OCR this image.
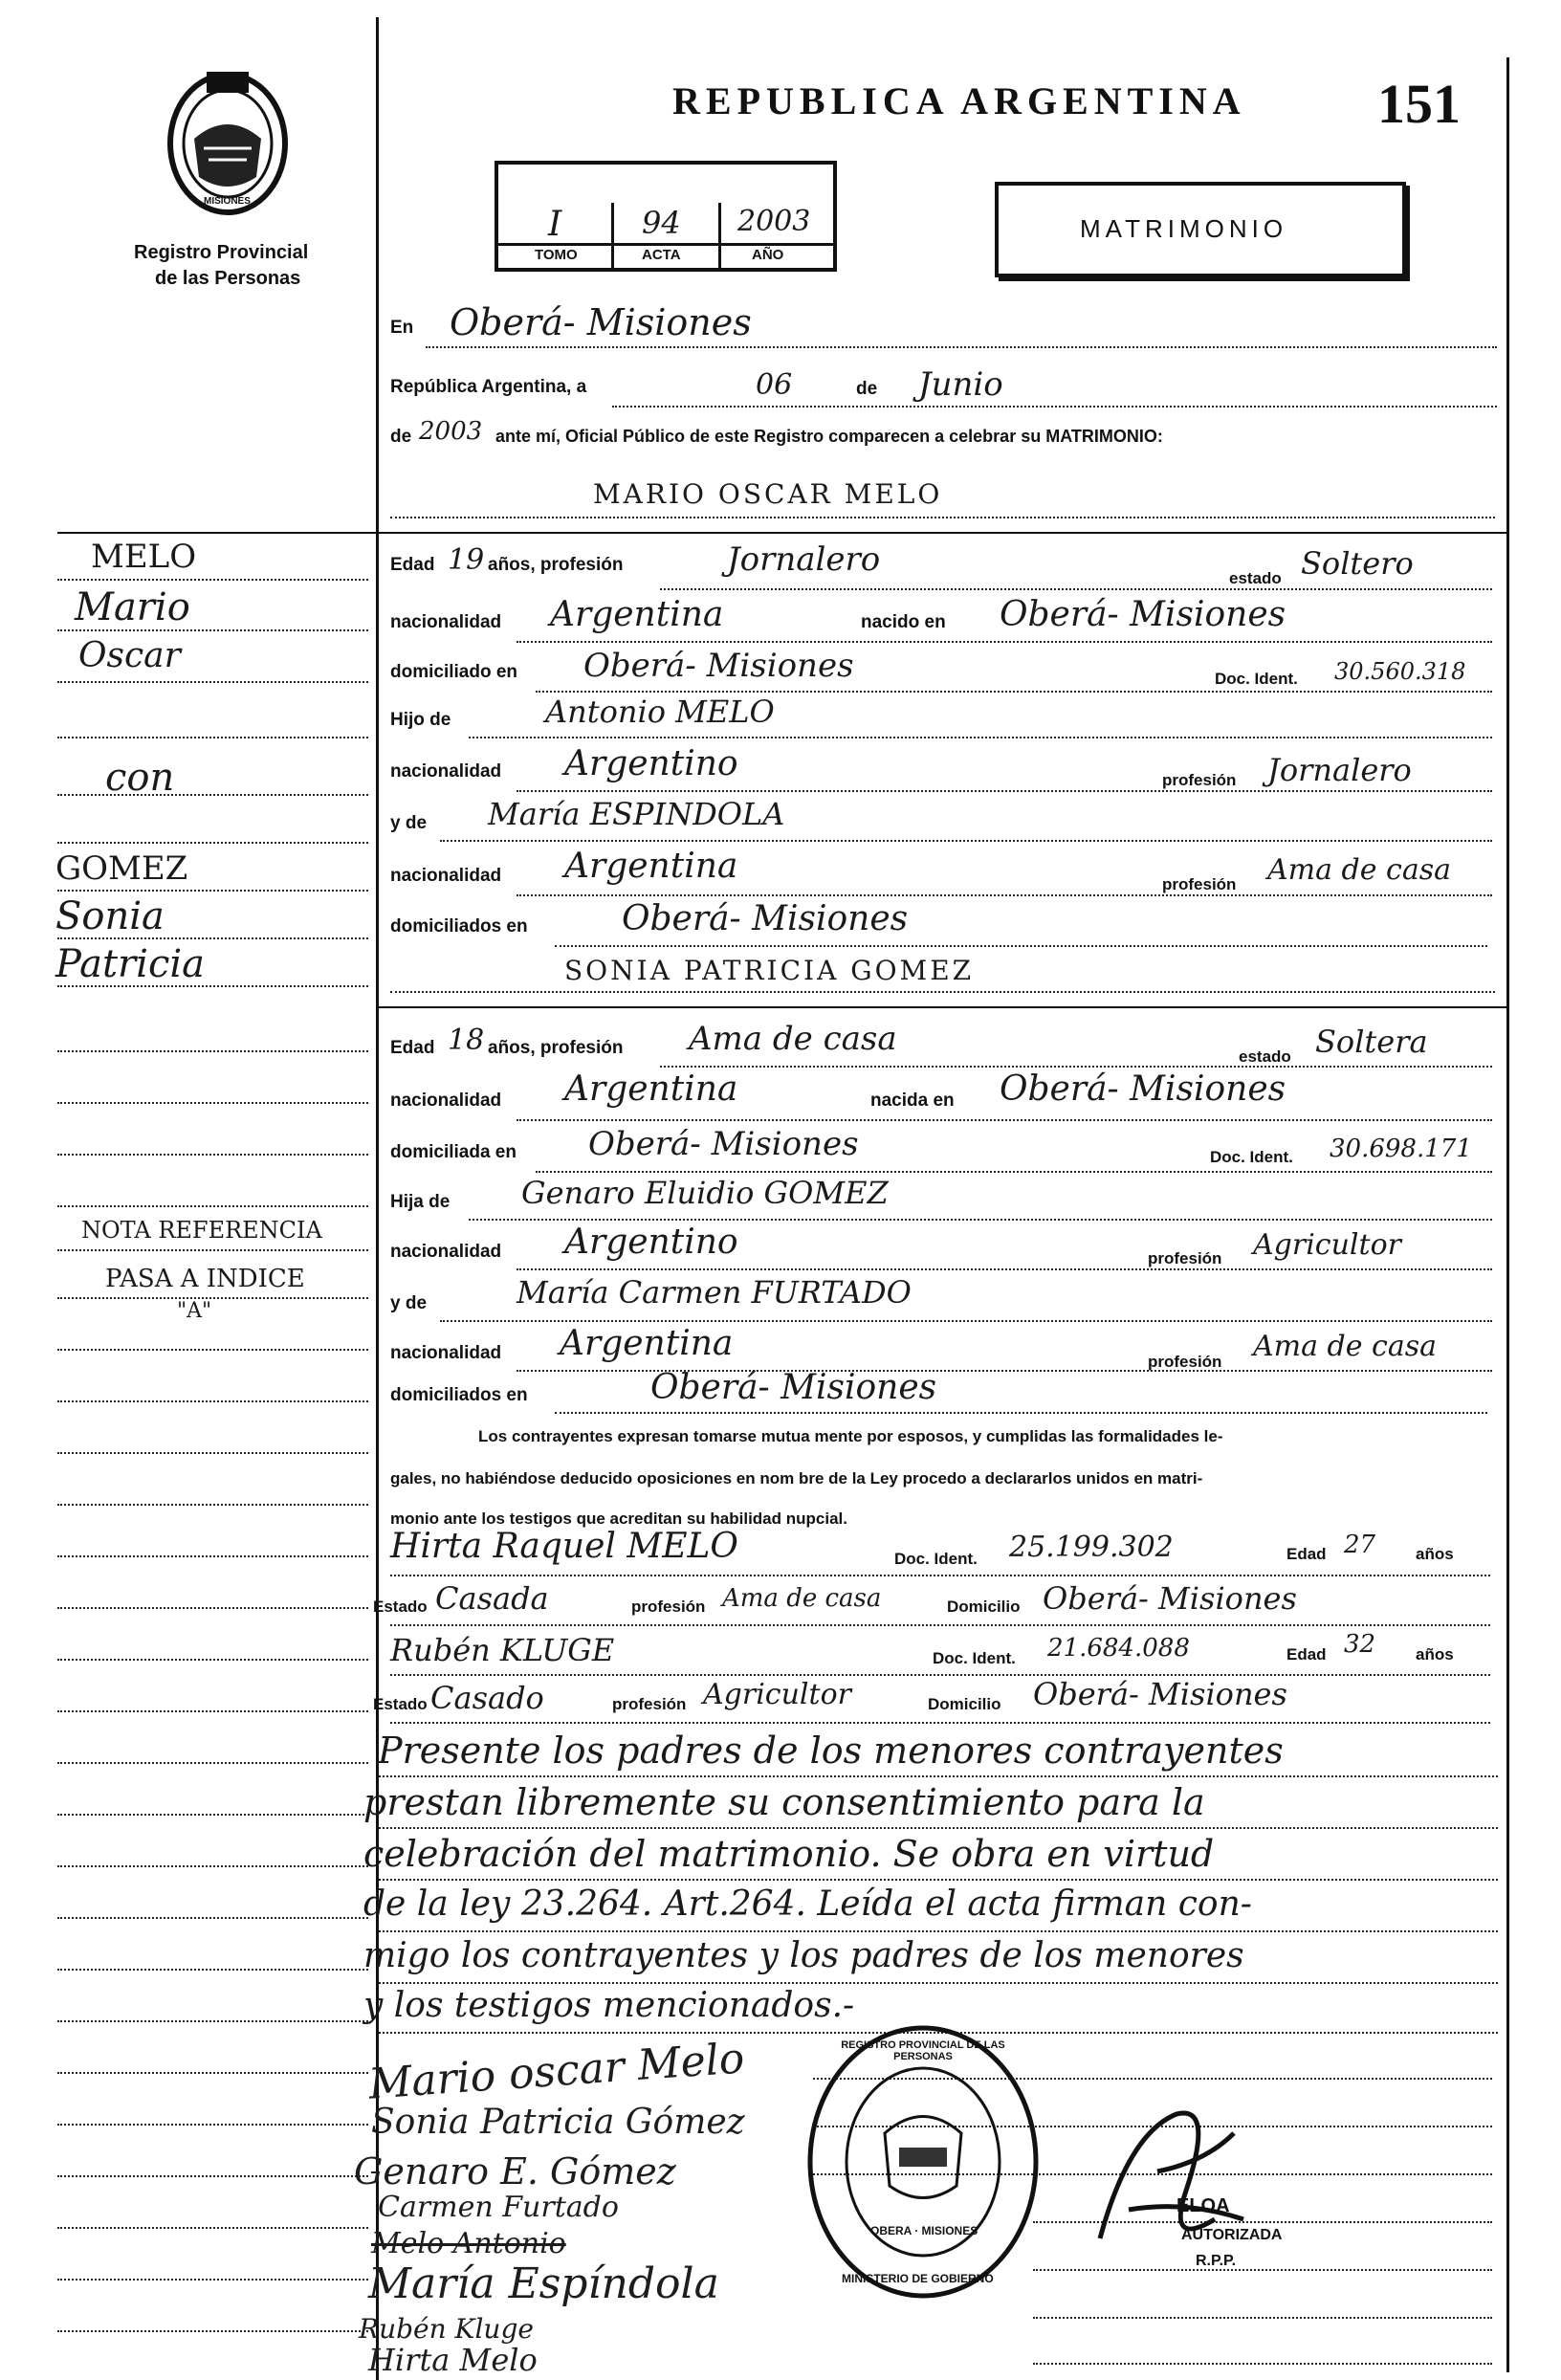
MISIONES
Registro Provincial
de las Personas
REPUBLICA ARGENTINA 151
I	94 2003
TOMO	ACTA	AÑO
MATRIMONIO
En Oberá- Misiones
República Argentina, a	06	de Junio
de 2003 ante mí, Oficial Público de este Registro comparecen a celebrar su MATRIMONIO:
MARIO OSCAR MELO
Edad 19 años, profesión	Jornalero	estado Soltero
nacionalidad Argentina	nacido en Oberá- Misiones
domiciliado en Oberá- Misiones	Doc. Ident. 30.560.318
Hijo de	Antonio MELO
nacionalidad Argentino	profesión Jornalero
y de María ESPINDOLA
nacionalidad Argentina	profesión Ama de casa
domiciliados en	Oberá- Misiones
SONIA PATRICIA GOMEZ
Edad 18 años, profesión Ama de casa	estado Soltera
nacionalidad Argentina	nacida en Oberá- Misiones
domiciliada en Oberá- Misiones	Doc. Ident. 30.698.171
Hija de Genaro Eluidio GOMEZ
nacionalidad Argentino	profesión Agricultor
y de	María Carmen FURTADO
nacionalidad Argentina	profesión Ama de casa
domiciliados en	Oberá- Misiones
Los contrayentes expresan tomarse mutua mente por esposos, y cumplidas las formalidades le-
gales, no habiéndose deducido oposiciones en nom bre de la Ley procedo a declararlos unidos en matri-
monio ante los testigos que acreditan su habilidad nupcial.
Hirta Raquel MELO	Doc. Ident. 25.199.302	Edad 27 años
Estado Casada	profesión Ama de casa	Domicilio Oberá- Misiones
Rubén KLUGE	Doc. Ident. 21.684.088	Edad 32 años
Estado Casado	profesión Agricultor	Domicilio Oberá- Misiones
Presente los padres de los menores contrayentes
prestan libremente su consentimiento para la
celebración del matrimonio. Se obra en virtud
de la ley 23.264. Art.264. Leída el acta firman con-
migo los contrayentes y los padres de los menores
y los testigos mencionados.-
Mario oscar Melo
Sonia Patricia Gómez
Genaro E. Gómez
Carmen Furtado
Melo Antonio
María Espíndola
Rubén Kluge
Hirta Melo
REGISTRO PROVINCIAL DE LAS PERSONAS
OBERA · MISIONES
MINISTERIO DE GOBIERNO
ELOA
AUTORIZADA
R.P.P.
MELO
Mario
Oscar
con
GOMEZ
Sonia
Patricia
NOTA REFERENCIA
PASA A INDICE
"A"
